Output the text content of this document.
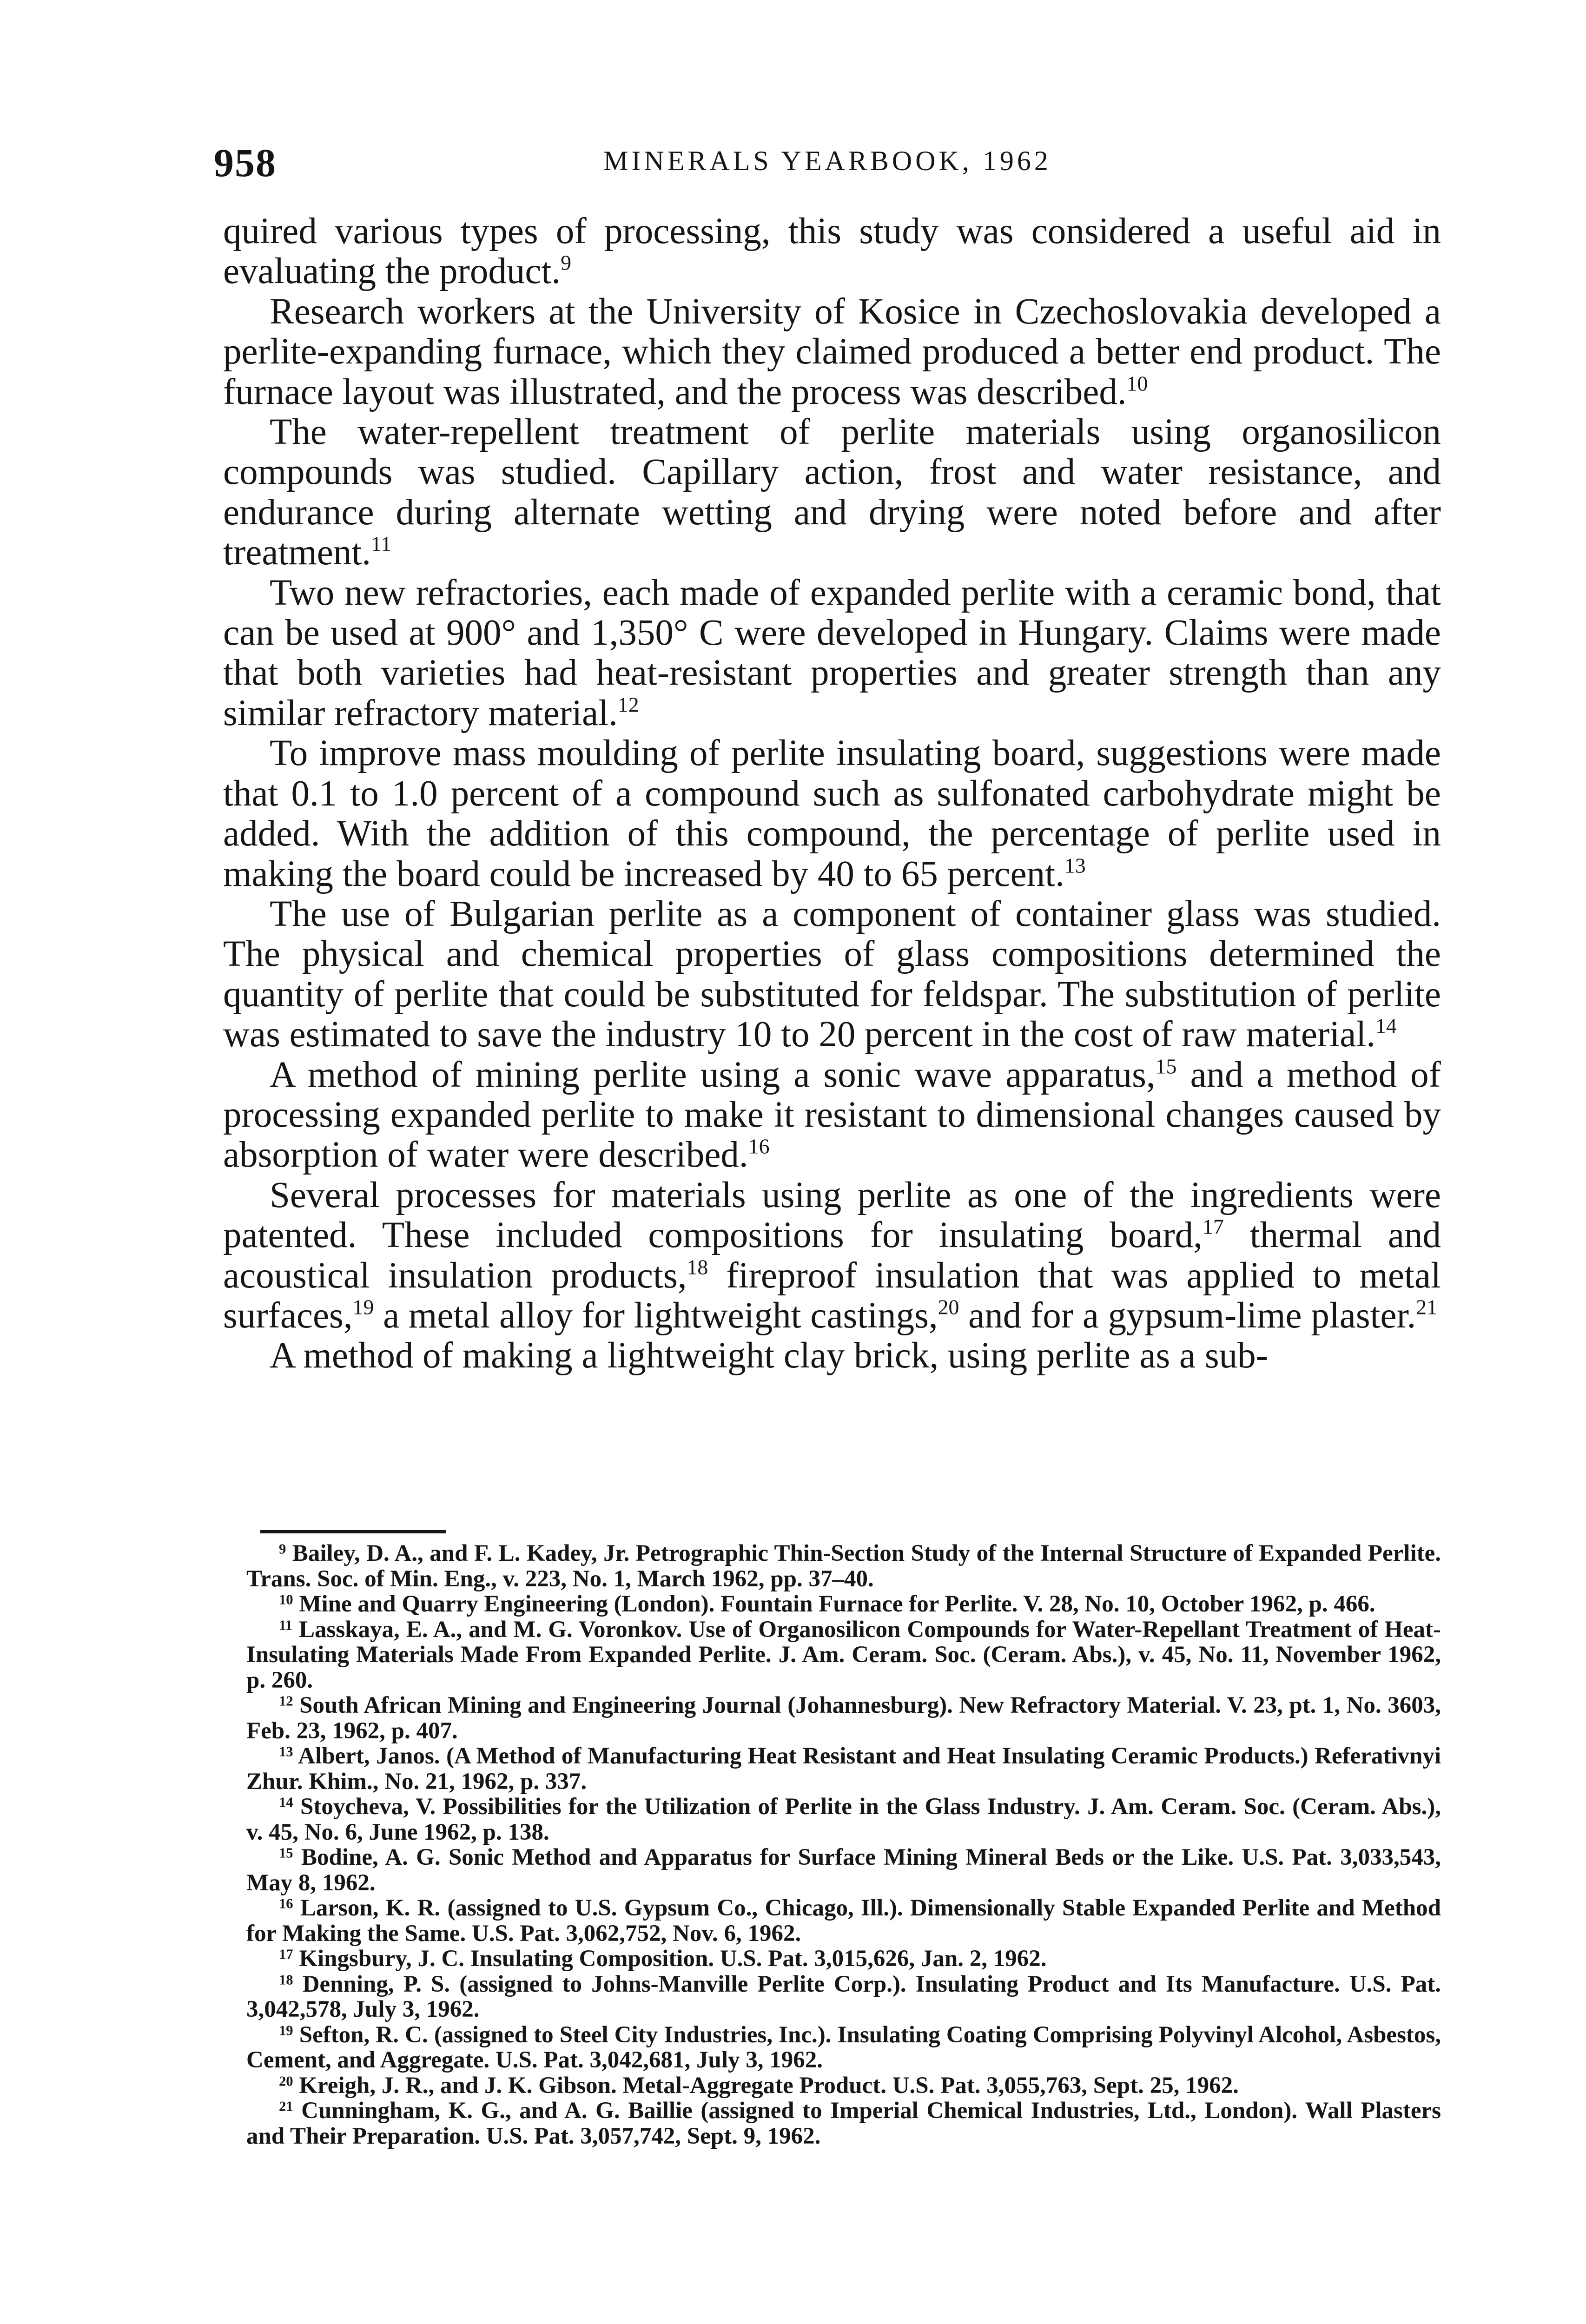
958	MINERALS YEARBOOK, 1962

quired various types of processing, this study was considered a useful aid in evaluating the product.$^9$

Research workers at the University of Kosice in Czechoslovakia developed a perlite-expanding furnace, which they claimed produced a better end product. The furnace layout was illustrated, and the process was described.$^{10}$

The water-repellent treatment of perlite materials using organosilicon compounds was studied. Capillary action, frost and water resistance, and endurance during alternate wetting and drying were noted before and after treatment.$^{11}$

Two new refractories, each made of expanded perlite with a ceramic bond, that can be used at 900° and 1,350° C were developed in Hungary. Claims were made that both varieties had heat-resistant properties and greater strength than any similar refractory material.$^{12}$

To improve mass moulding of perlite insulating board, suggestions were made that 0.1 to 1.0 percent of a compound such as sulfonated carbohydrate might be added. With the addition of this compound, the percentage of perlite used in making the board could be increased by 40 to 65 percent.$^{13}$

The use of Bulgarian perlite as a component of container glass was studied. The physical and chemical properties of glass compositions determined the quantity of perlite that could be substituted for feldspar. The substitution of perlite was estimated to save the industry 10 to 20 percent in the cost of raw material.$^{14}$

A method of mining perlite using a sonic wave apparatus,$^{15}$ and a method of processing expanded perlite to make it resistant to dimensional changes caused by absorption of water were described.$^{16}$

Several processes for materials using perlite as one of the ingredients were patented. These included compositions for insulating board,$^{17}$ thermal and acoustical insulation products,$^{18}$ fireproof insulation that was applied to metal surfaces,$^{19}$ a metal alloy for lightweight castings,$^{20}$ and for a gypsum-lime plaster.$^{21}$

A method of making a lightweight clay brick, using perlite as a sub-

$^9$ Bailey, D. A., and F. L. Kadey, Jr. Petrographic Thin-Section Study of the Internal Structure of Expanded Perlite. Trans. Soc. of Min. Eng., v. 223, No. 1, March 1962, pp. 37–40.

$^{10}$ Mine and Quarry Engineering (London). Fountain Furnace for Perlite. V. 28, No. 10, October 1962, p. 466.

$^{11}$ Lasskaya, E. A., and M. G. Voronkov. Use of Organosilicon Compounds for Water-Repellant Treatment of Heat-Insulating Materials Made From Expanded Perlite. J. Am. Ceram. Soc. (Ceram. Abs.), v. 45, No. 11, November 1962, p. 260.

$^{12}$ South African Mining and Engineering Journal (Johannesburg). New Refractory Material. V. 23, pt. 1, No. 3603, Feb. 23, 1962, p. 407.

$^{13}$ Albert, Janos. (A Method of Manufacturing Heat Resistant and Heat Insulating Ceramic Products.) Referativnyi Zhur. Khim., No. 21, 1962, p. 337.

$^{14}$ Stoycheva, V. Possibilities for the Utilization of Perlite in the Glass Industry. J. Am. Ceram. Soc. (Ceram. Abs.), v. 45, No. 6, June 1962, p. 138.

$^{15}$ Bodine, A. G. Sonic Method and Apparatus for Surface Mining Mineral Beds or the Like. U.S. Pat. 3,033,543, May 8, 1962.

$^{16}$ Larson, K. R. (assigned to U.S. Gypsum Co., Chicago, Ill.). Dimensionally Stable Expanded Perlite and Method for Making the Same. U.S. Pat. 3,062,752, Nov. 6, 1962.

$^{17}$ Kingsbury, J. C. Insulating Composition. U.S. Pat. 3,015,626, Jan. 2, 1962.

$^{18}$ Denning, P. S. (assigned to Johns-Manville Perlite Corp.). Insulating Product and Its Manufacture. U.S. Pat. 3,042,578, July 3, 1962.

$^{19}$ Sefton, R. C. (assigned to Steel City Industries, Inc.). Insulating Coating Comprising Polyvinyl Alcohol, Asbestos, Cement, and Aggregate. U.S. Pat. 3,042,681, July 3, 1962.

$^{20}$ Kreigh, J. R., and J. K. Gibson. Metal-Aggregate Product. U.S. Pat. 3,055,763, Sept. 25, 1962.

$^{21}$ Cunningham, K. G., and A. G. Baillie (assigned to Imperial Chemical Industries, Ltd., London). Wall Plasters and Their Preparation. U.S. Pat. 3,057,742, Sept. 9, 1962.
